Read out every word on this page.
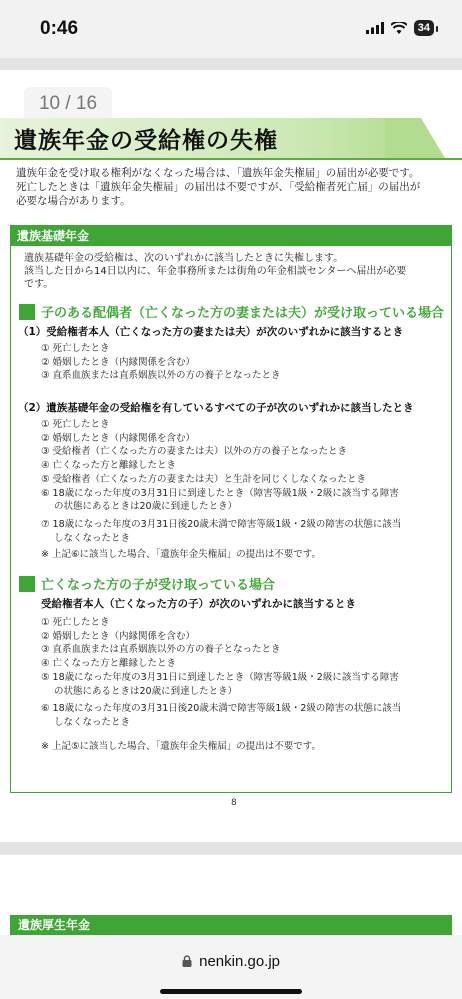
0:46	34
10 / 16
遺族年金の受給権の失権
遺族年金を受け取る権利がなくなった場合は、「遺族年金失権届」の届出が必要です。
死亡したときは「遺族年金失権届」の届出は不要ですが、「受給権者死亡届」の届出が
必要な場合があります。
遺族基礎年金
遺族基礎年金の受給権は、次のいずれかに該当したときに失権します。
該当した日から14日以内に、年金事務所または街角の年金相談センターへ届出が必要
です。
子のある配偶者（亡くなった方の妻または夫）が受け取っている場合
（1）受給権者本人（亡くなった方の妻または夫）が次のいずれかに該当するとき
① 死亡したとき
② 婚姻したとき（内縁関係を含む）
③ 直系血族または直系姻族以外の方の養子となったとき
（2）遺族基礎年金の受給権を有しているすべての子が次のいずれかに該当したとき
① 死亡したとき
② 婚姻したとき（内縁関係を含む）
③ 受給権者（亡くなった方の妻または夫）以外の方の養子となったとき
④ 亡くなった方と離縁したとき
⑤ 受給権者（亡くなった方の妻または夫）と生計を同じくしなくなったとき
⑥ 18歳になった年度の3月31日に到達したとき（障害等級1級・2級に該当する障害
の状態にあるときは20歳に到達したとき）
⑦ 18歳になった年度の3月31日後20歳未満で障害等級1級・2級の障害の状態に該当
しなくなったとき
※ 上記⑥に該当した場合、「遺族年金失権届」の提出は不要です。
亡くなった方の子が受け取っている場合
受給権者本人（亡くなった方の子）が次のいずれかに該当するとき
① 死亡したとき
② 婚姻したとき（内縁関係を含む）
③ 直系血族または直系姻族以外の方の養子となったとき
④ 亡くなった方と離縁したとき
⑤ 18歳になった年度の3月31日に到達したとき（障害等級1級・2級に該当する障害
の状態にあるときは20歳に到達したとき）
⑥ 18歳になった年度の3月31日後20歳未満で障害等級1級・2級の障害の状態に該当
しなくなったとき
※ 上記⑤に該当した場合、「遺族年金失権届」の提出は不要です。
8
遺族厚生年金
nenkin.go.jp
